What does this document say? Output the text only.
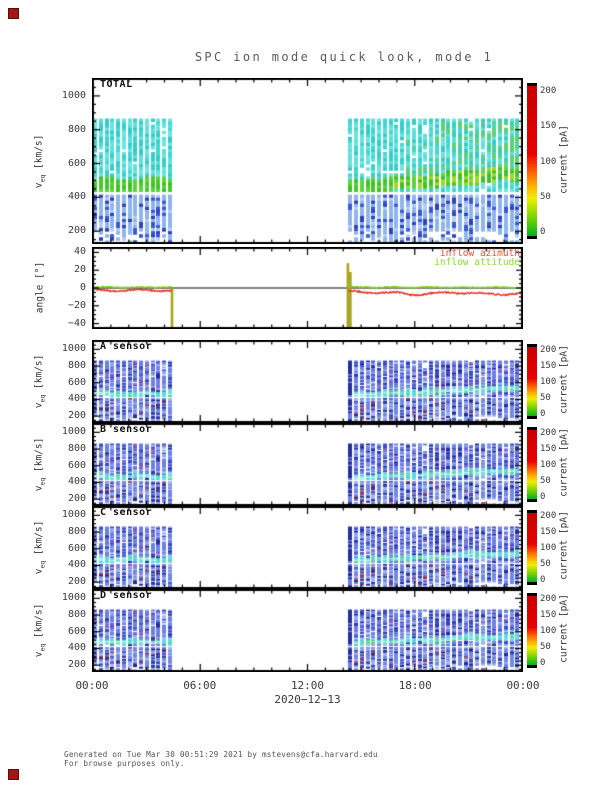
SPC ion mode quick look, mode 1
TOTAL
A sensor
B sensor
C sensor
D sensor
$v_{eq}$ [km/s]
angle [°]
$v_{eq}$ [km/s]
$v_{eq}$ [km/s]
$v_{eq}$ [km/s]
$v_{eq}$ [km/s]
current [pA]
current [pA]
current [pA]
current [pA]
current [pA]
inflow azimuth
inflow attitude
2020−12−13
Generated on Tue Mar 30 00:51:29 2021 by mstevens@cfa.harvard.edu
For browse purposes only.
200
400
600
800
1000
200
400
600
800
1000
200
400
600
800
1000
200
400
600
800
1000
200
400
600
800
1000
−40
−20
0
20
40
00:00	06:00	12:00	18:00	00:00
0
50
100
150
200
0
50
100
150
200
0
50
100
150
200
0
50
100
150
200
0
50
100
150
200
